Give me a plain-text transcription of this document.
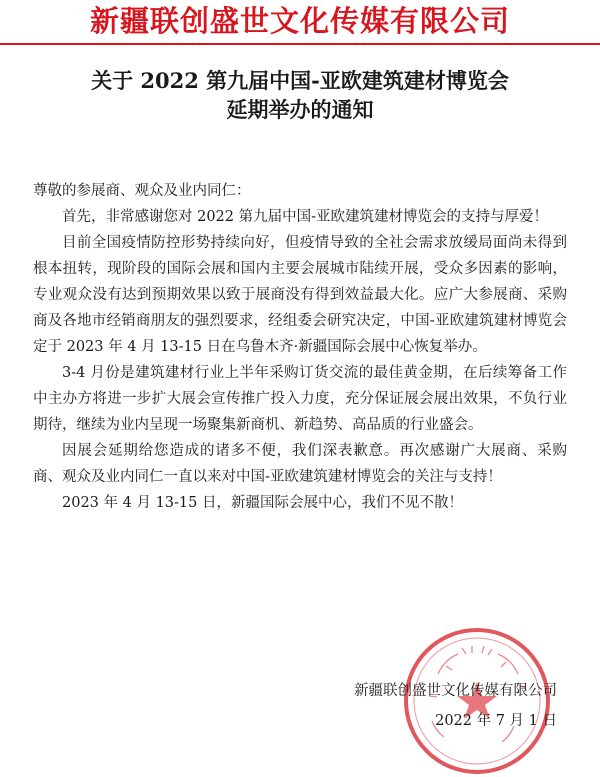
新疆联创盛世文化传媒有限公司
关于 2022 第九届中国-亚欧建筑建材博览会
延期举办的通知

尊敬的参展商、观众及业内同仁：

首先，非常感谢您对 2022 第九届中国-亚欧建筑建材博览会的支持与厚爱！

目前全国疫情防控形势持续向好，但疫情导致的全社会需求放缓局面尚未得到根本扭转，现阶段的国际会展和国内主要会展城市陆续开展，受众多因素的影响，专业观众没有达到预期效果以致于展商没有得到效益最大化。应广大参展商、采购商及各地市经销商朋友的强烈要求，经组委会研究决定，中国-亚欧建筑建材博览会定于 2023 年 4 月 13-15 日在乌鲁木齐·新疆国际会展中心恢复举办。

3-4 月份是建筑建材行业上半年采购订货交流的最佳黄金期，在后续筹备工作中主办方将进一步扩大展会宣传推广投入力度，充分保证展会展出效果，不负行业期待，继续为业内呈现一场聚集新商机、新趋势、高品质的行业盛会。

因展会延期给您造成的诸多不便，我们深表歉意。再次感谢广大展商、采购商、观众及业内同仁一直以来对中国-亚欧建筑建材博览会的关注与支持！

2023 年 4 月 13-15 日，新疆国际会展中心，我们不见不散！

新疆联创盛世文化传媒有限公司
2022 年 7 月 1 日
